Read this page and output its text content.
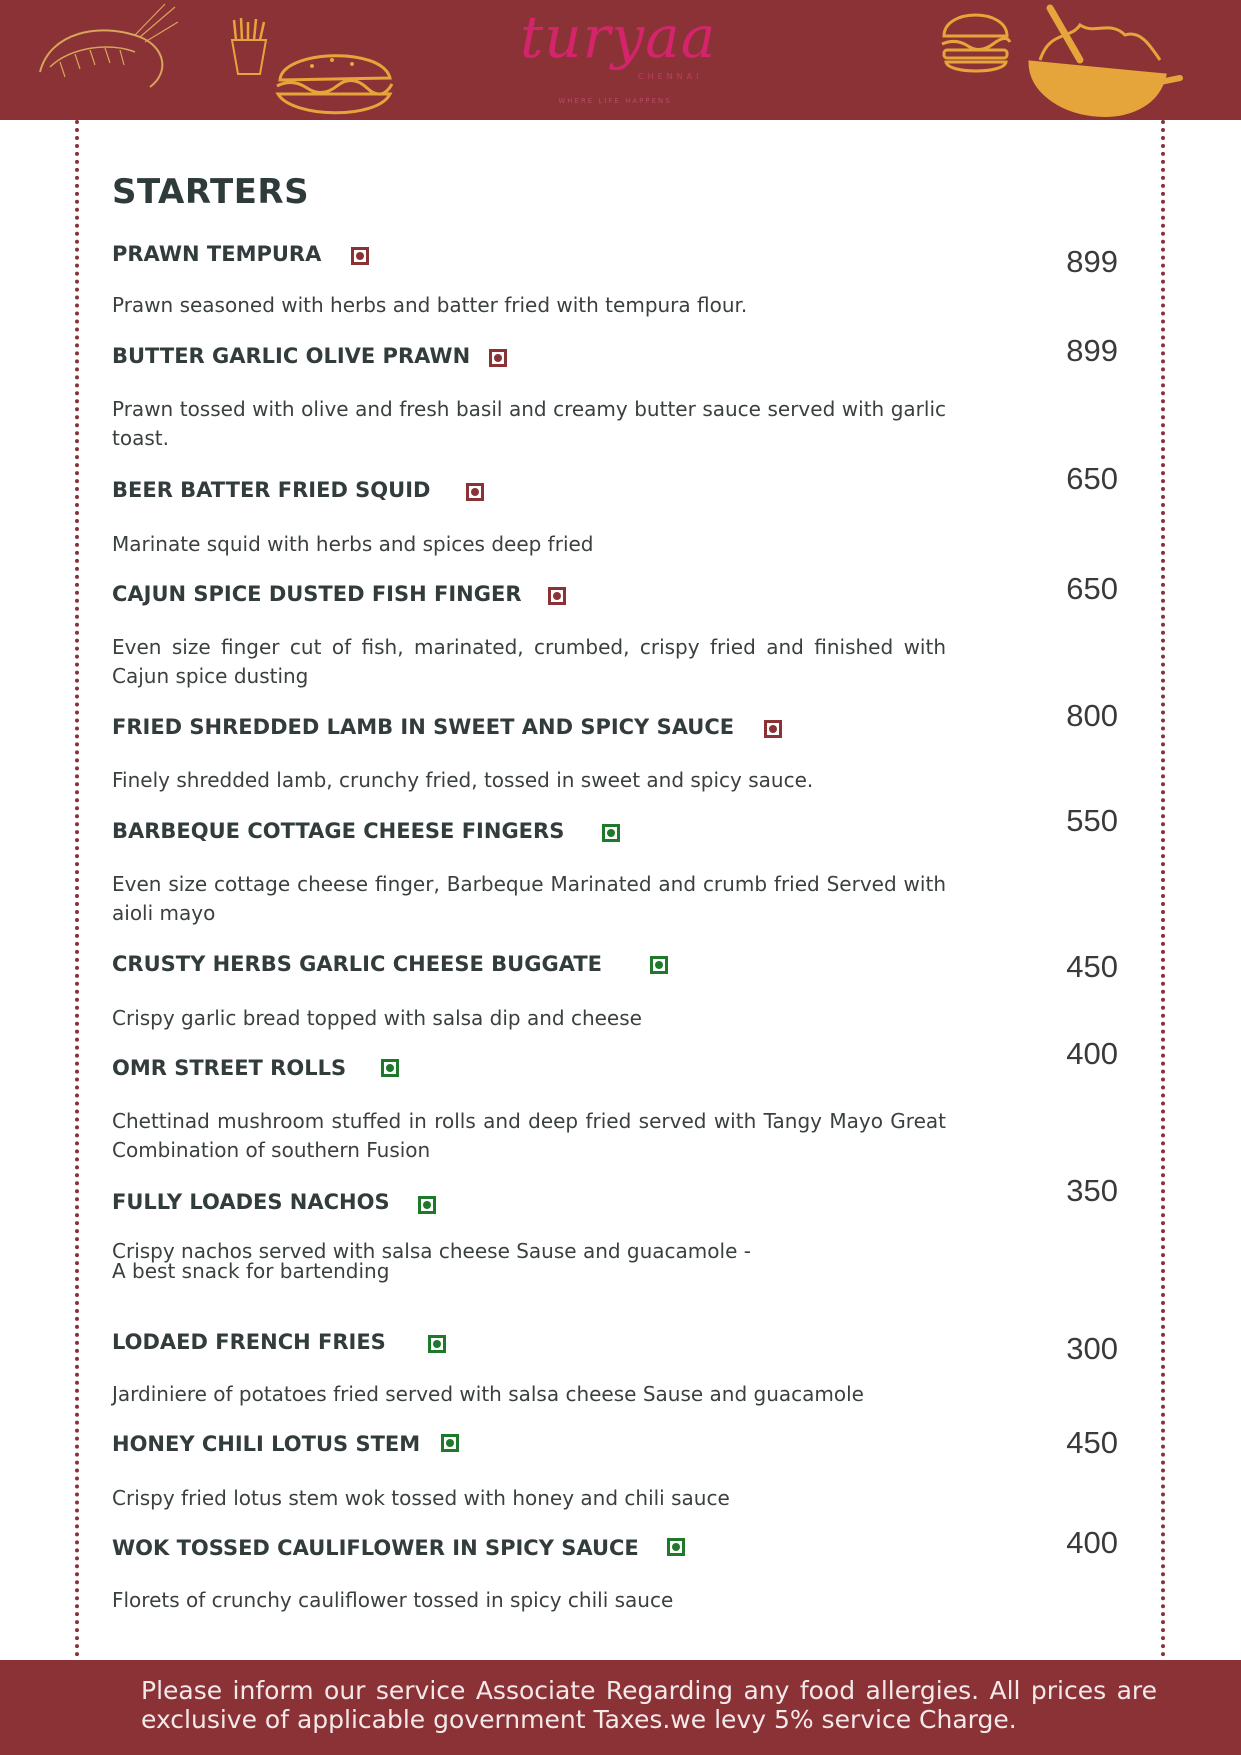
turyaa
CHENNAI
WHERE LIFE HAPPENS
STARTERS
PRAWN TEMPURA	899
Prawn seasoned with herbs and batter fried with tempura flour.
BUTTER GARLIC OLIVE PRAWN	899
Prawn tossed with olive and fresh basil and creamy butter sauce served with garlic toast.
BEER BATTER FRIED SQUID	650
Marinate squid with herbs and spices deep fried
CAJUN SPICE DUSTED FISH FINGER	650
Even size finger cut of fish, marinated, crumbed, crispy fried and finished with Cajun spice dusting
FRIED SHREDDED LAMB IN SWEET AND SPICY SAUCE	800
Finely shredded lamb, crunchy fried, tossed in sweet and spicy sauce.
BARBEQUE COTTAGE CHEESE FINGERS	550
Even size cottage cheese finger, Barbeque Marinated and crumb fried Served with aioli mayo
CRUSTY HERBS GARLIC CHEESE BUGGATE	450
Crispy garlic bread topped with salsa dip and cheese
OMR STREET ROLLS	400
Chettinad mushroom stuffed in rolls and deep fried served with Tangy Mayo Great Combination of southern Fusion
FULLY LOADES NACHOS	350
Crispy nachos served with salsa cheese Sause and guacamole -
A best snack for bartending
LODAED FRENCH FRIES	300
Jardiniere of potatoes fried served with salsa cheese Sause and guacamole
HONEY CHILI LOTUS STEM	450
Crispy fried lotus stem wok tossed with honey and chili sauce
WOK TOSSED CAULIFLOWER IN SPICY SAUCE	400
Florets of crunchy cauliflower tossed in spicy chili sauce
Please inform our service Associate Regarding any food allergies. All prices are exclusive of applicable government Taxes.we levy 5% service Charge.
